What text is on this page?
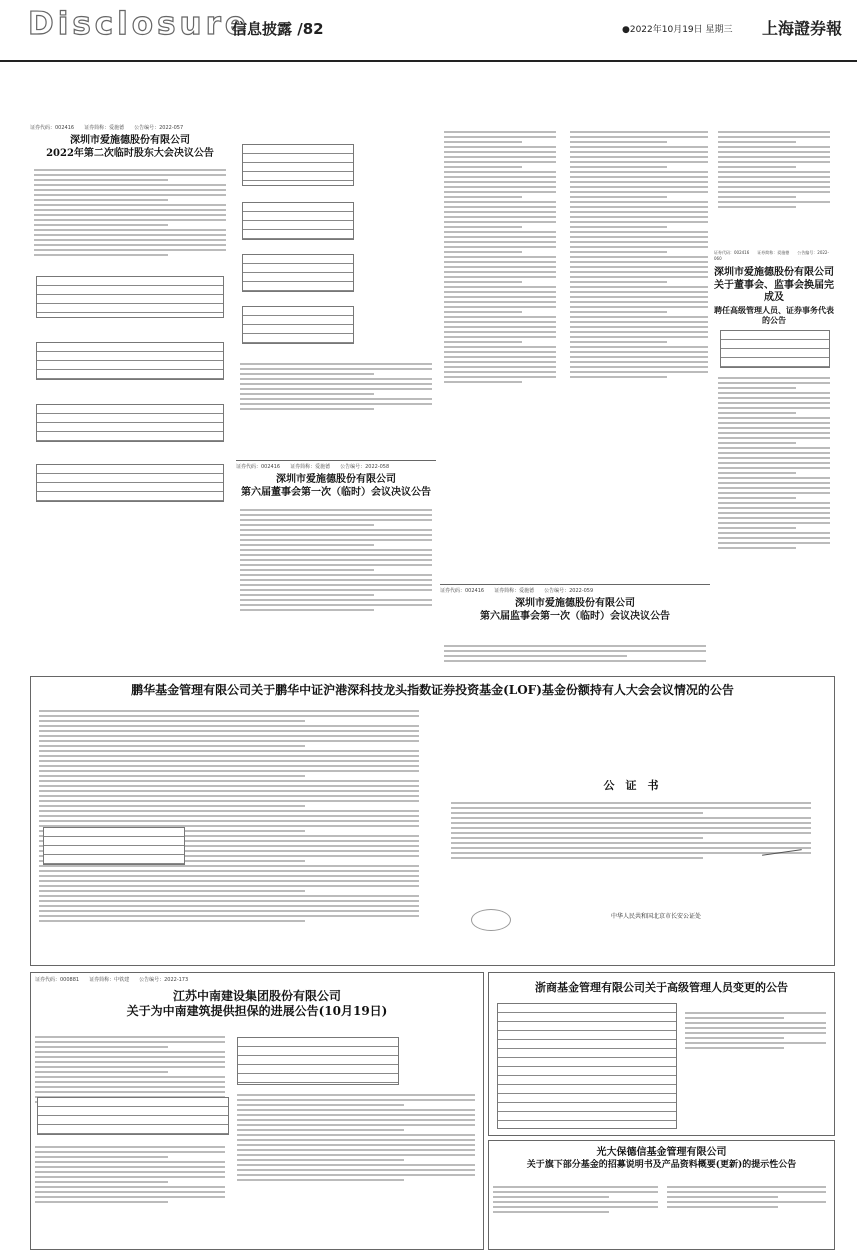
Disclosure
信息披露 /82	●2022年10月19日 星期三 上海證券報
证券代码：002416　　证券简称：爱施德　　公告编号：2022-057
深圳市爱施德股份有限公司
2022年第二次临时股东大会决议公告
证券代码：002416　　证券简称：爱施德　　公告编号：2022-058
深圳市爱施德股份有限公司
第六届董事会第一次（临时）会议决议公告
证券代码：002416　　证券简称：爱施德　　公告编号：2022-059
深圳市爱施德股份有限公司
第六届监事会第一次（临时）会议决议公告
证券代码：002416　　证券简称：爱施德　　公告编号：2022-060
深圳市爱施德股份有限公司
关于董事会、监事会换届完成及
聘任高级管理人员、证券事务代表的公告
鹏华基金管理有限公司关于鹏华中证沪港深科技龙头指数证券投资基金(LOF)基金份额持有人大会会议情况的公告
公　证　书
中华人民共和国北京市长安公证处
证券代码：000881　　证券简称：中铁建　　公告编号：2022-173
江苏中南建设集团股份有限公司
关于为中南建筑提供担保的进展公告(10月19日)
浙商基金管理有限公司关于高级管理人员变更的公告
光大保德信基金管理有限公司
关于旗下部分基金的招募说明书及产品资料概要(更新)的提示性公告
